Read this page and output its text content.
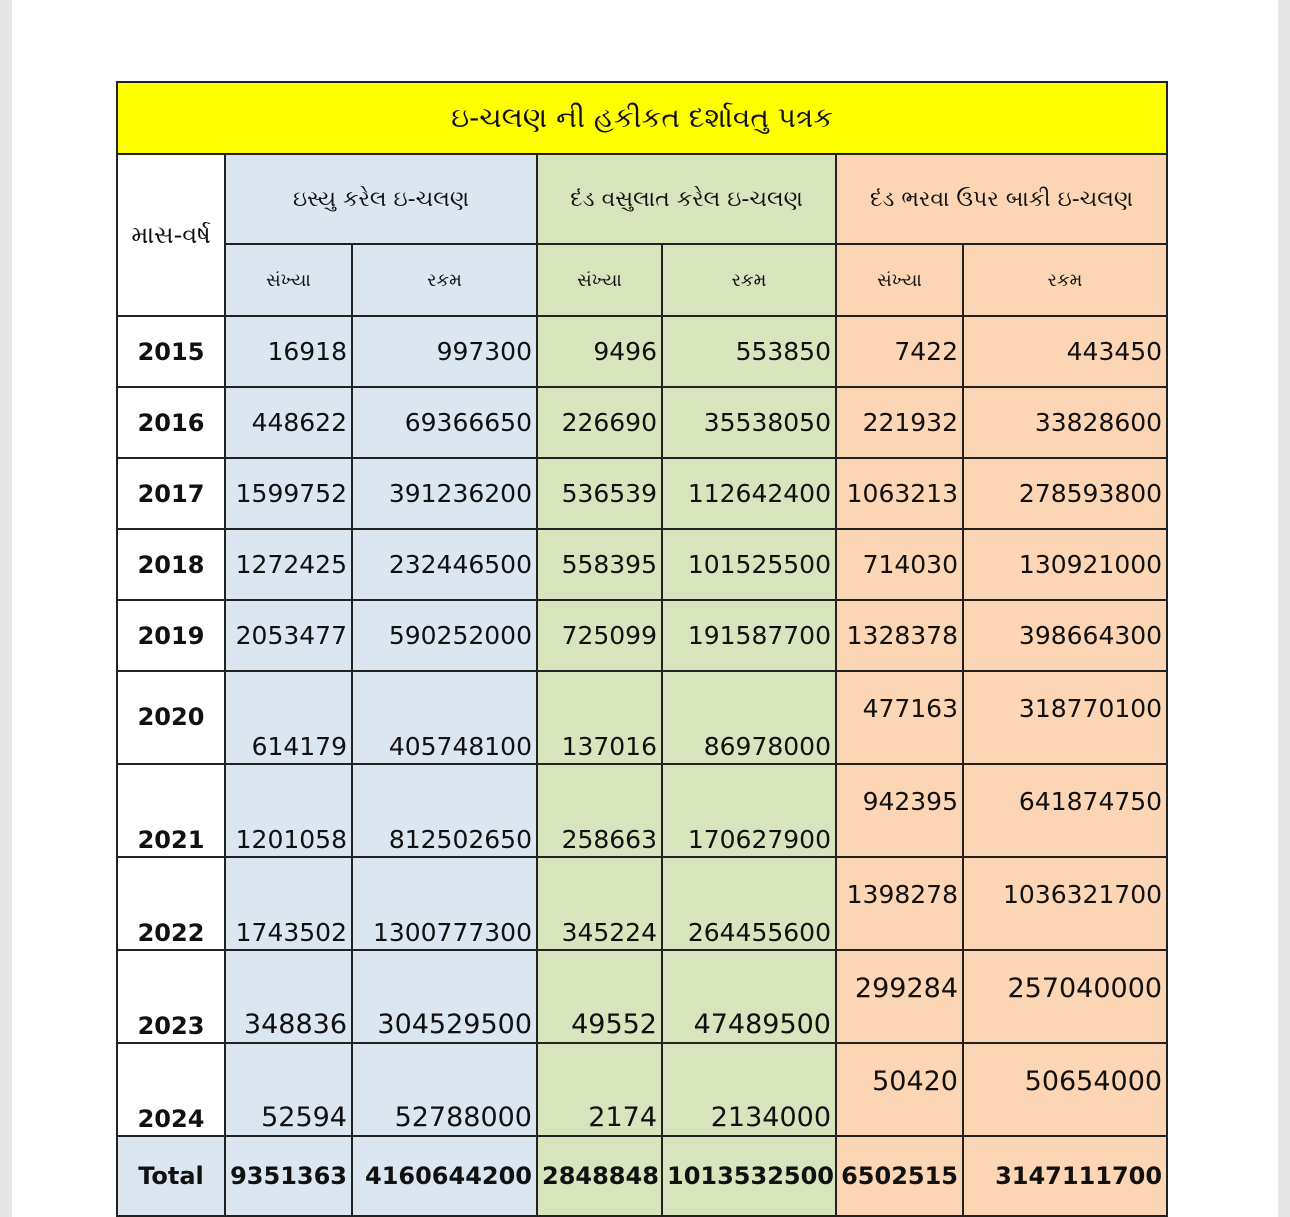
ઇ-ચલણ ની હકીકત દર્શાવતુ પત્રક						
માસ-વર્ષ	ઇસ્યુ કરેલ ઇ-ચલણ		દંડ વસુલાત કરેલ ઇ-ચલણ		દંડ ભરવા ઉપર બાકી ઇ-ચલણ	
	સંખ્યા	રકમ	સંખ્યા	રકમ	સંખ્યા	રકમ
2015	16918	997300	9496	553850	7422	443450
2016	448622	69366650	226690	35538050	221932	33828600
2017	1599752	391236200	536539	112642400	1063213	278593800
2018	1272425	232446500	558395	101525500	714030	130921000
2019	2053477	590252000	725099	191587700	1328378	398664300
2020	614179	405748100	137016	86978000	477163	318770100
2021	1201058	812502650	258663	170627900	942395	641874750
2022	1743502	1300777300	345224	264455600	1398278	1036321700
2023	348836	304529500	49552	47489500	299284	257040000
2024	52594	52788000	2174	2134000	50420	50654000
Total	9351363	4160644200	2848848	1013532500	6502515	3147111700
